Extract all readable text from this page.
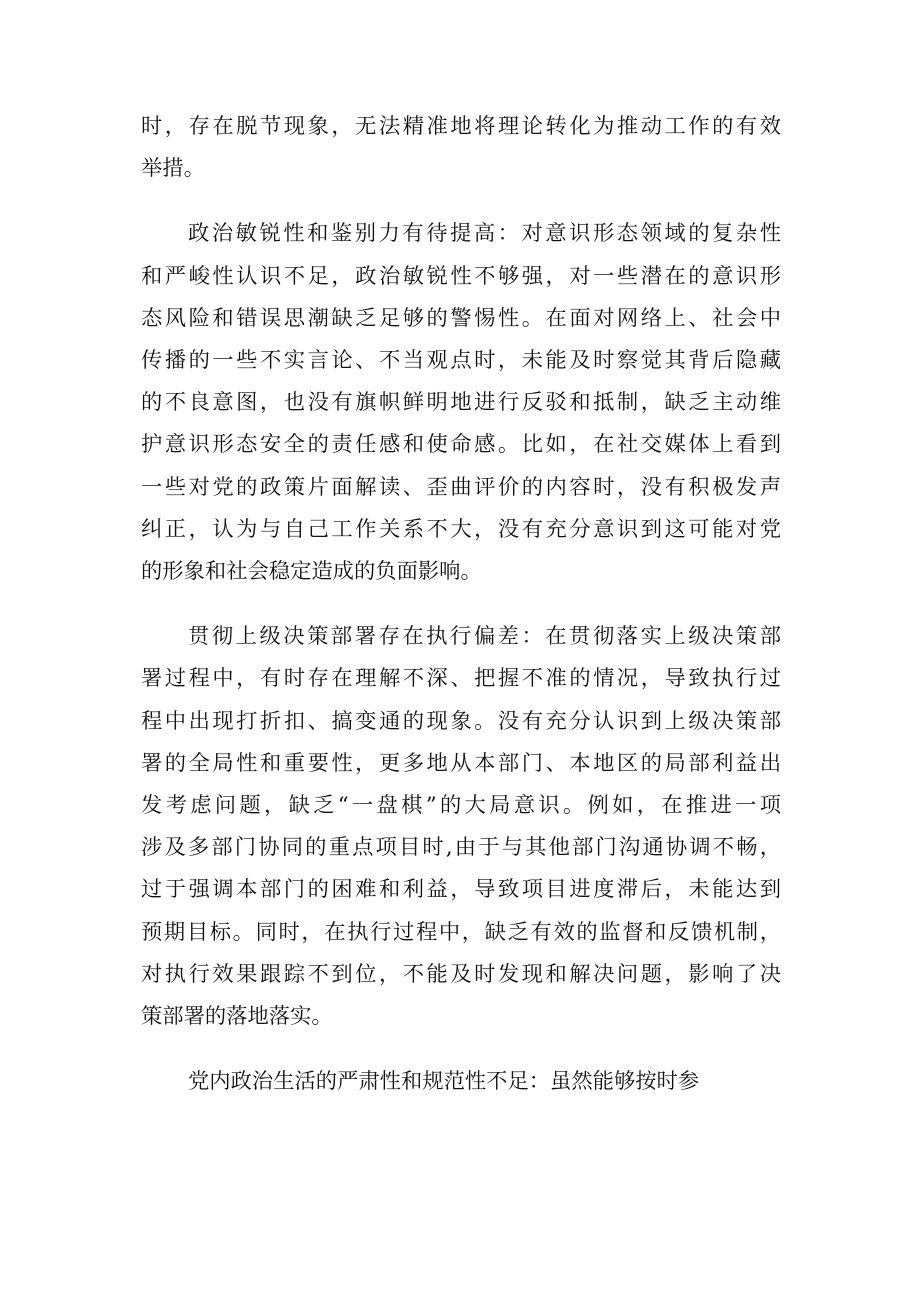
时，存在脱节现象，无法精准地将理论转化为推动工作的有效
举措。
政治敏锐性和鉴别力有待提高：对意识形态领域的复杂性
和严峻性认识不足，政治敏锐性不够强，对一些潜在的意识形
态风险和错误思潮缺乏足够的警惕性。在面对网络上、社会中
传播的一些不实言论、不当观点时，未能及时察觉其背后隐藏
的不良意图，也没有旗帜鲜明地进行反驳和抵制，缺乏主动维
护意识形态安全的责任感和使命感。比如，在社交媒体上看到
一些对党的政策片面解读、歪曲评价的内容时，没有积极发声
纠正，认为与自己工作关系不大，没有充分意识到这可能对党
的形象和社会稳定造成的负面影响。
贯彻上级决策部署存在执行偏差：在贯彻落实上级决策部
署过程中，有时存在理解不深、把握不准的情况，导致执行过
程中出现打折扣、搞变通的现象。没有充分认识到上级决策部
署的全局性和重要性，更多地从本部门、本地区的局部利益出
发考虑问题，缺乏“一盘棋”的大局意识。例如，在推进一项
涉及多部门协同的重点项目时,由于与其他部门沟通协调不畅，
过于强调本部门的困难和利益，导致项目进度滞后，未能达到
预期目标。同时，在执行过程中，缺乏有效的监督和反馈机制，
对执行效果跟踪不到位，不能及时发现和解决问题，影响了决
策部署的落地落实。
党内政治生活的严肃性和规范性不足：虽然能够按时参
